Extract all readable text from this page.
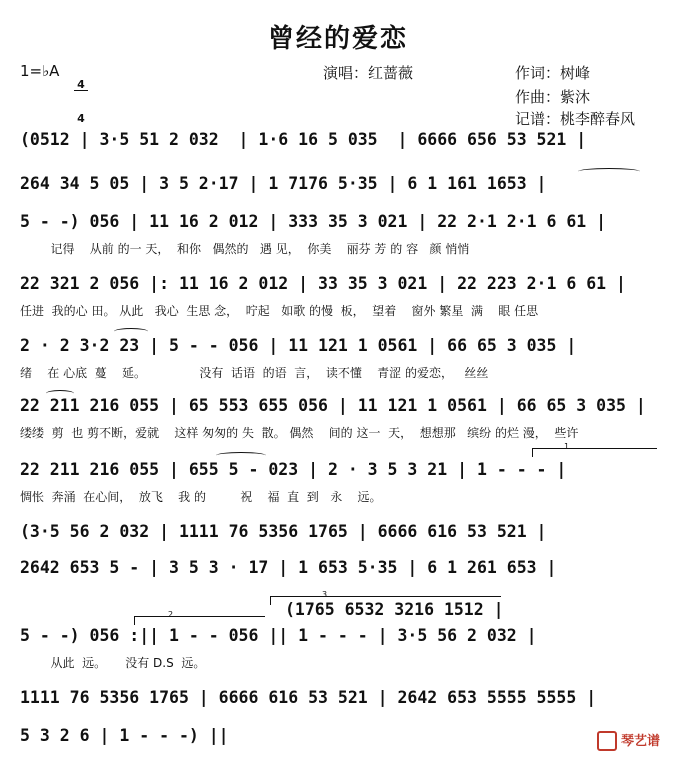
曾经的爱恋
1=♭A

4

4

演唱：红蔷薇	作词：树峰
作曲：紫沐
记谱：桃李醉春风
(0512 | 3·5 51 2 032  | 1·6 16 5 035  | 6666 656 53 521 |
264 34 5 05 | 3 5 2·17 | 1 7176 5·35 | 6 1 161 1653 |
5 - -) 056 | 11 16 2 012 | 333 35 3 021 | 22 2·1 2·1 6 61 |
记得    从前 的一 天，  和你   偶然的   遇 见，  你美    丽芬 芳 的 容   颜 悄悄
22 321 2 056 |: 11 16 2 012 | 33 35 3 021 | 22 223 2·1 6 61 |
任进  我的心 田。 从此   我心  生思 念，  咛起   如歌 的慢  板，  望着    窗外 繁星  满    眼 任思
2 · 2 3·2 23 | 5 - - 056 | 11 121 1 0561 | 66 65 3 035 |
绪    在 心底  蔓    延。              没有  话语  的语  言，  读不懂    青涩 的爱恋，   丝丝
22 211 216 055 | 65 553 655 056 | 11 121 1 0561 | 66 65 3 035 |
缕缕  剪  也 剪不断，爱就    这样 匆匆的 失  散。 偶然    间的 这一  天，  想想那   缤纷 的烂 漫，  些许
22 211 216 055 | 655 5 - 023 | 2 · 3 5 3 21 | 1 - - - |
惆怅  奔涌  在心间，  放飞    我 的         祝    福  直  到   永    远。
(3·5 56 2 032 | 1111 76 5356 1765 | 6666 616 53 521 |
2642 653 5 - | 3 5 3 · 17 | 1 653 5·35 | 6 1 261 653 |
(1765 6532 3216 1512 |
5 - -) 056 :|| 1 - - 056 || 1 - - - | 3·5 56 2 032 |
从此  远。     没有 D.S  远。
1111 76 5356 1765 | 6666 616 53 521 | 2642 653 5555 5555 |
5 3 2 6 | 1 - - -) ||
1
2
3
琴艺谱
